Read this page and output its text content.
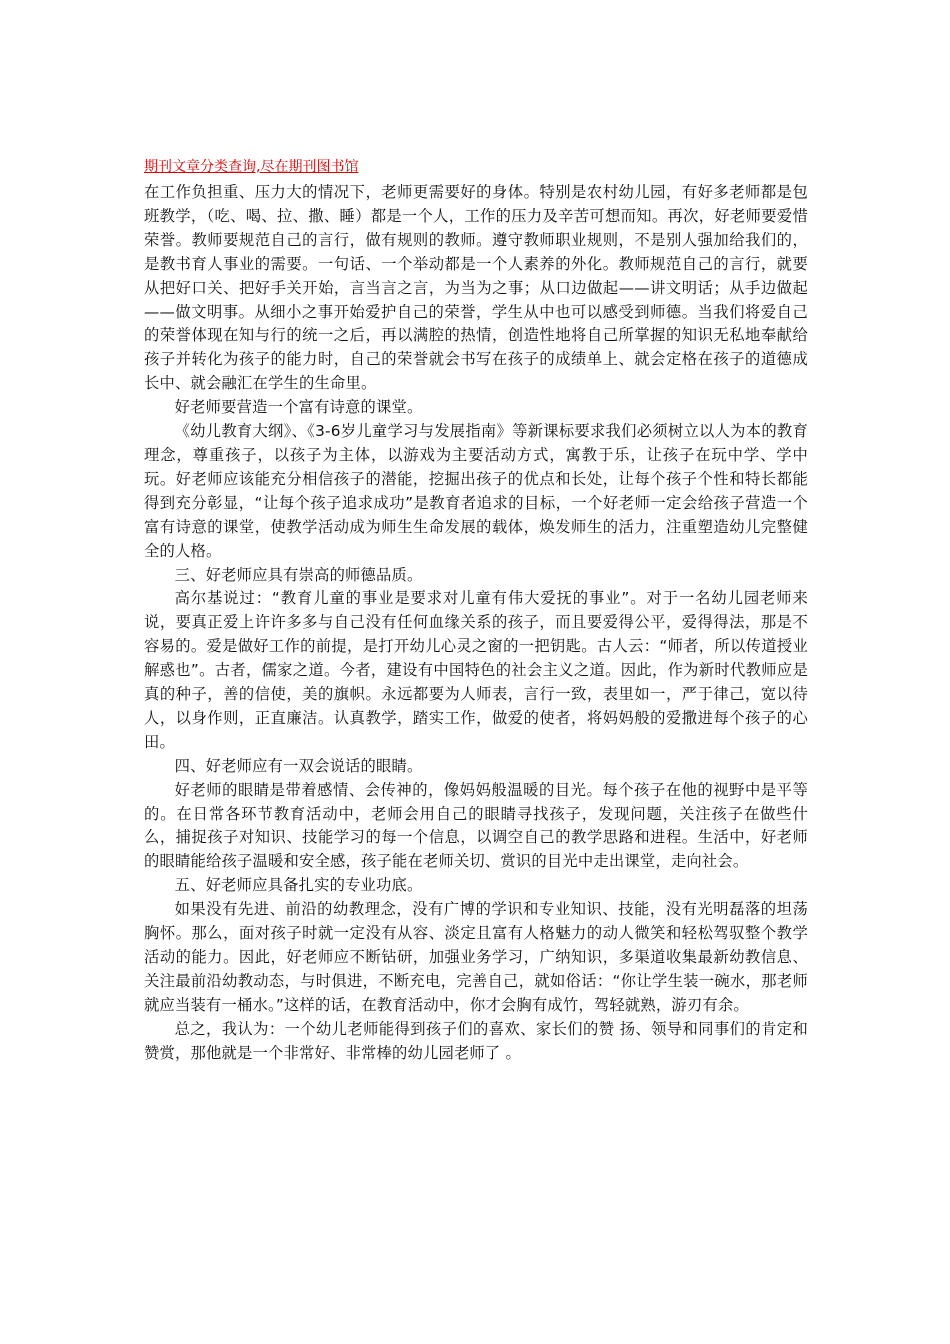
期刊文章分类查询,尽在期刊图书馆

在工作负担重、压力大的情况下，老师更需要好的身体。特别是农村幼儿园，有好多老师都是包班教学，（吃、喝、拉、撒、睡）都是一个人，工作的压力及辛苦可想而知。再次，好老师要爱惜荣誉。教师要规范自己的言行，做有规则的教师。遵守教师职业规则，不是别人强加给我们的，是教书育人事业的需要。一句话、一个举动都是一个人素养的外化。教师规范自己的言行，就要从把好口关、把好手关开始，言当言之言，为当为之事；从口边做起——讲文明话；从手边做起——做文明事。从细小之事开始爱护自己的荣誉，学生从中也可以感受到师德。当我们将爱自己的荣誉体现在知与行的统一之后，再以满腔的热情，创造性地将自己所掌握的知识无私地奉献给孩子并转化为孩子的能力时，自己的荣誉就会书写在孩子的成绩单上、就会定格在孩子的道德成长中、就会融汇在学生的生命里。

好老师要营造一个富有诗意的课堂。

《幼儿教育大纲》、《3-6岁儿童学习与发展指南》等新课标要求我们必须树立以人为本的教育理念，尊重孩子，以孩子为主体，以游戏为主要活动方式，寓教于乐，让孩子在玩中学、学中玩。好老师应该能充分相信孩子的潜能，挖掘出孩子的优点和长处，让每个孩子个性和特长都能得到充分彰显，“让每个孩子追求成功”是教育者追求的目标，一个好老师一定会给孩子营造一个富有诗意的课堂，使教学活动成为师生生命发展的载体，焕发师生的活力，注重塑造幼儿完整健全的人格。

三、好老师应具有崇高的师德品质。

高尔基说过：“教育儿童的事业是要求对儿童有伟大爱抚的事业”。对于一名幼儿园老师来说，要真正爱上许许多多与自己没有任何血缘关系的孩子，而且要爱得公平，爱得得法，那是不容易的。爱是做好工作的前提，是打开幼儿心灵之窗的一把钥匙。古人云：“师者，所以传道授业解惑也”。古者，儒家之道。今者，建设有中国特色的社会主义之道。因此，作为新时代教师应是真的种子，善的信使，美的旗帜。永远都要为人师表，言行一致，表里如一，严于律己，宽以待人，以身作则，正直廉洁。认真教学，踏实工作，做爱的使者，将妈妈般的爱撒进每个孩子的心田。

四、好老师应有一双会说话的眼睛。

好老师的眼睛是带着感情、会传神的，像妈妈般温暖的目光。每个孩子在他的视野中是平等的。在日常各环节教育活动中，老师会用自己的眼睛寻找孩子，发现问题，关注孩子在做些什么，捕捉孩子对知识、技能学习的每一个信息，以调空自己的教学思路和进程。生活中，好老师的眼睛能给孩子温暖和安全感，孩子能在老师关切、赏识的目光中走出课堂，走向社会。

五、好老师应具备扎实的专业功底。

如果没有先进、前沿的幼教理念，没有广博的学识和专业知识、技能，没有光明磊落的坦荡胸怀。那么，面对孩子时就一定没有从容、淡定且富有人格魅力的动人微笑和轻松驾驭整个教学活动的能力。因此，好老师应不断钻研，加强业务学习，广纳知识，多渠道收集最新幼教信息、关注最前沿幼教动态，与时俱进，不断充电，完善自己，就如俗话：“你让学生装一碗水，那老师就应当装有一桶水。”这样的话，在教育活动中，你才会胸有成竹，驾轻就熟，游刃有余。

总之，我认为：一个幼儿老师能得到孩子们的喜欢、家长们的赞 扬、领导和同事们的肯定和赞赏，那他就是一个非常好、非常棒的幼儿园老师了 。
